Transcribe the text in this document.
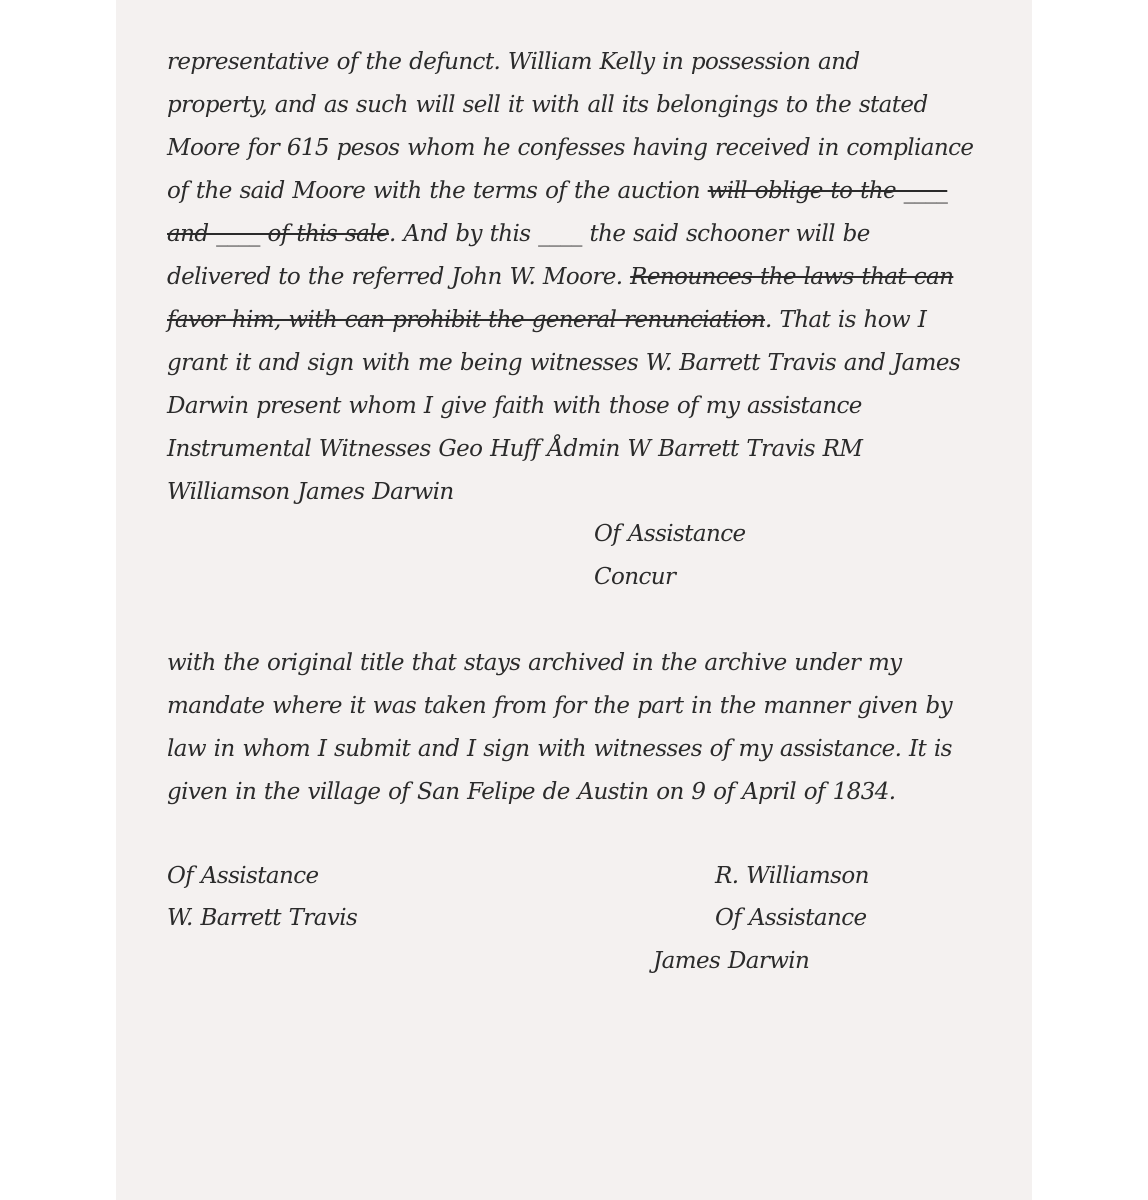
representative of the defunct. William Kelly in possession and
property, and as such will sell it with all its belongings to the stated
Moore for 615 pesos whom he confesses having received in compliance
of the said Moore with the terms of the auction will oblige to the ____
and ____ of this sale. And by this ____ the said schooner will be
delivered to the referred John W. Moore. Renounces the laws that can
favor him, with can prohibit the general renunciation. That is how I
grant it and sign with me being witnesses W. Barrett Travis and James
Darwin present whom I give faith with those of my assistance
Instrumental Witnesses Geo Huff Ådmin W Barrett Travis RM
Williamson James Darwin
Of Assistance
Concur
with the original title that stays archived in the archive under my
mandate where it was taken from for the part in the manner given by
law in whom I submit and I sign with witnesses of my assistance. It is
given in the village of San Felipe de Austin on 9 of April of 1834.
Of Assistance
W. Barrett Travis
R. Williamson
Of Assistance
James Darwin
